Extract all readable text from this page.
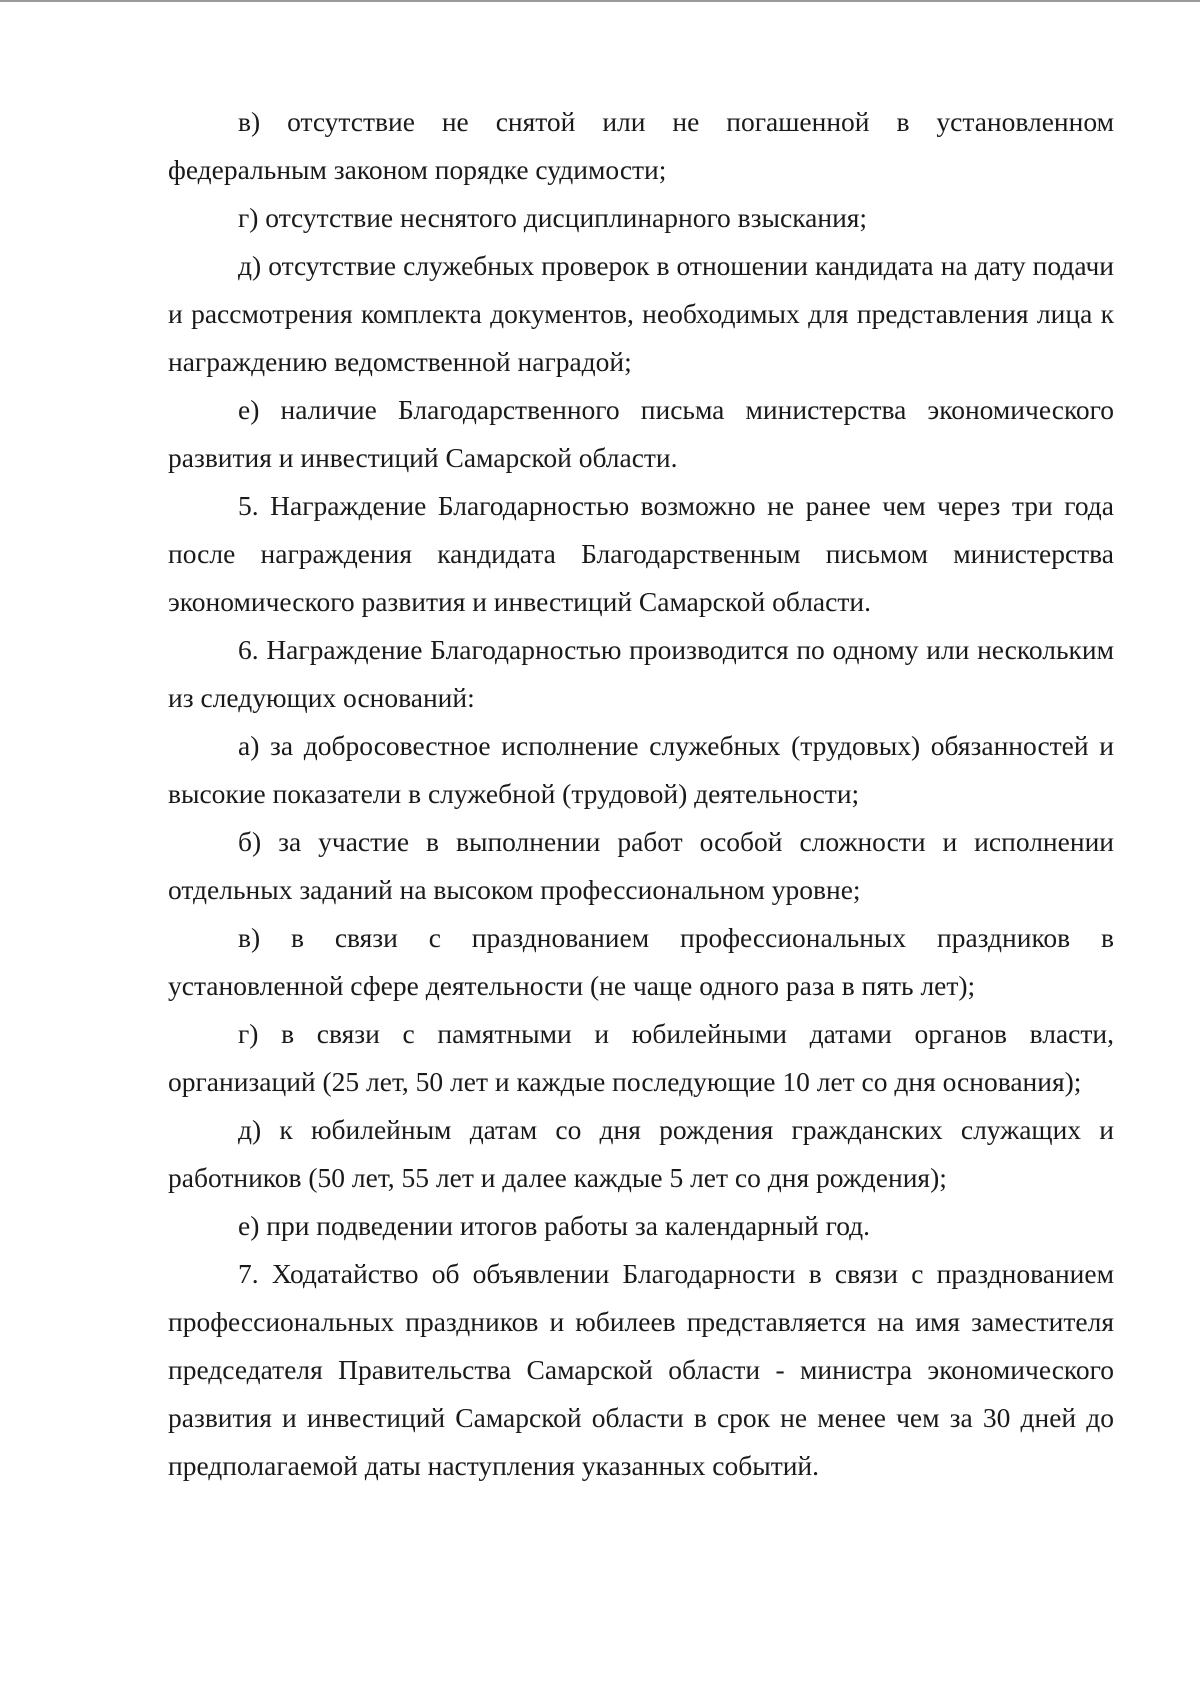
в) отсутствие не снятой или не погашенной в установленном федеральным законом порядке судимости;

г) отсутствие неснятого дисциплинарного взыскания;

д) отсутствие служебных проверок в отношении кандидата на дату подачи и рассмотрения комплекта документов, необходимых для представления лица к награждению ведомственной наградой;

е) наличие Благодарственного письма министерства экономического развития и инвестиций Самарской области.

5. Награждение Благодарностью возможно не ранее чем через три года после награждения кандидата Благодарственным письмом министерства экономического развития и инвестиций Самарской области.

6. Награждение Благодарностью производится по одному или нескольким из следующих оснований:

а) за добросовестное исполнение служебных (трудовых) обязанностей и высокие показатели в служебной (трудовой) деятельности;

б) за участие в выполнении работ особой сложности и исполнении отдельных заданий на высоком профессиональном уровне;

в) в связи с празднованием профессиональных праздников в установленной сфере деятельности (не чаще одного раза в пять лет);

г) в связи с памятными и юбилейными датами органов власти, организаций (25 лет, 50 лет и каждые последующие 10 лет со дня основания);

д) к юбилейным датам со дня рождения гражданских служащих и работников (50 лет, 55 лет и далее каждые 5 лет со дня рождения);

е) при подведении итогов работы за календарный год.

7. Ходатайство об объявлении Благодарности в связи с празднованием профессиональных праздников и юбилеев представляется на имя заместителя председателя Правительства Самарской области - министра экономического развития и инвестиций Самарской области в срок не менее чем за 30 дней до предполагаемой даты наступления указанных событий.
